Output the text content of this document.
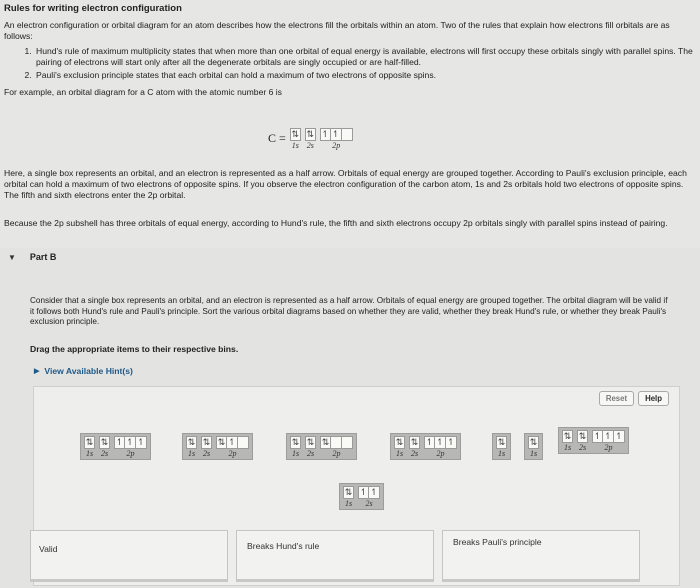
Rules for writing electron configuration

An electron configuration or orbital diagram for an atom describes how the electrons fill the orbitals within an atom. Two of the rules that explain how electrons fill orbitals are as follows:

1. Hund's rule of maximum multiplicity states that when more than one orbital of equal energy is available, electrons will first occupy these orbitals singly with parallel spins. The pairing of electrons will start only after all the degenerate orbitals are singly occupied or are half-filled.
2. Pauli's exclusion principle states that each orbital can hold a maximum of two electrons of opposite spins.

For example, an orbital diagram for a C atom with the atomic number 6 is

C = ⇅
1s
⇅
2s
↿ ↿
2p

Here, a single box represents an orbital, and an electron is represented as a half arrow. Orbitals of equal energy are grouped together. According to Pauli's exclusion principle, each orbital can hold a maximum of two electrons of opposite spins. If you observe the electron configuration of the carbon atom, 1s and 2s orbitals hold two electrons of opposite spins. The fifth and sixth electrons enter the 2p orbital.

Because the 2p subshell has three orbitals of equal energy, according to Hund's rule, the fifth and sixth electrons occupy 2p orbitals singly with parallel spins instead of pairing.

▼ Part B

Consider that a single box represents an orbital, and an electron is represented as a half arrow. Orbitals of equal energy are grouped together. The orbital diagram will be valid if it follows both Hund's rule and Pauli's principle. Sort the various orbital diagrams based on whether they are valid, whether they break Hund's rule, or whether they break Pauli's exclusion principle.

Drag the appropriate items to their respective bins.
▶ View Available Hint(s)
Reset	Help
⇅
1s
⇅
2s
↿ ↿ ↿
2p
⇅
1s
⇅
2s
⇅ ↿
2p
⇅
1s
⇅
2s
⇅
2p
⇅
1s
⇅
2s
↿ ↿ ↿
2p
⇅
1s
⇅
1s
⇅
1s
⇅
2s
↿ ↿ ↿
2p
⇅
1s
↿ ↿
2s
Valid	Breaks Hund's rule	Breaks Pauli's principle
